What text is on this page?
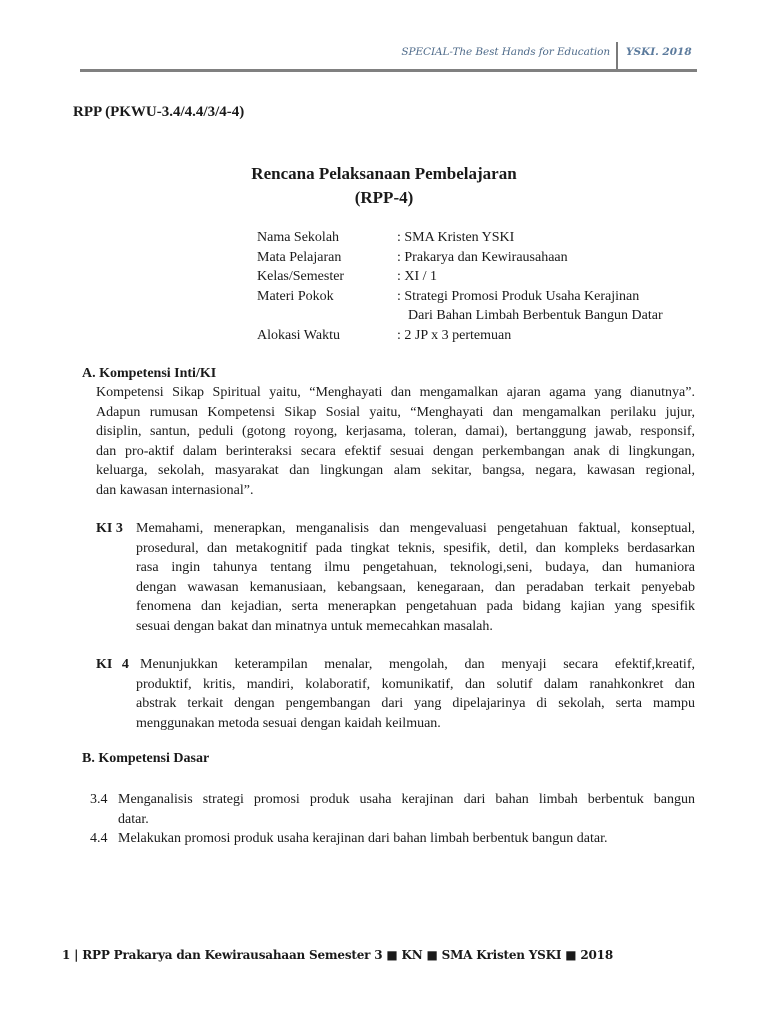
SPECIAL-The Best Hands for Education YSKI. 2018
RPP (PKWU-3.4/4.4/3/4-4)
Rencana Pelaksanaan Pembelajaran
(RPP-4)
Nama Sekolah	: SMA Kristen YSKI
Mata Pelajaran	: Prakarya dan Kewirausahaan
Kelas/Semester	: XI / 1
Materi Pokok	: Strategi Promosi Produk Usaha Kerajinan
Dari Bahan Limbah Berbentuk Bangun Datar
Alokasi Waktu	: 2 JP x 3 pertemuan
A. Kompetensi Inti/KI
Kompetensi Sikap Spiritual yaitu, “Menghayati dan mengamalkan ajaran agama yang dianutnya”.
Adapun rumusan Kompetensi Sikap Sosial yaitu, “Menghayati dan mengamalkan perilaku jujur,
disiplin, santun, peduli (gotong royong, kerjasama, toleran, damai), bertanggung jawab, responsif,
dan pro-aktif dalam berinteraksi secara efektif sesuai dengan perkembangan anak di lingkungan,
keluarga, sekolah, masyarakat dan lingkungan alam sekitar, bangsa, negara, kawasan regional,
dan kawasan internasional”.
KI 3 Memahami, menerapkan, menganalisis dan mengevaluasi pengetahuan faktual, konseptual,
prosedural, dan metakognitif pada tingkat teknis, spesifik, detil, dan kompleks berdasarkan
rasa ingin tahunya tentang ilmu pengetahuan, teknologi,seni, budaya, dan humaniora
dengan wawasan kemanusiaan, kebangsaan, kenegaraan, dan peradaban terkait penyebab
fenomena dan kejadian, serta menerapkan pengetahuan pada bidang kajian yang spesifik
sesuai dengan bakat dan minatnya untuk memecahkan masalah.
KI 4 Menunjukkan keterampilan menalar, mengolah, dan menyaji secara efektif,kreatif,
produktif, kritis, mandiri, kolaboratif, komunikatif, dan solutif dalam ranahkonkret dan
abstrak terkait dengan pengembangan dari yang dipelajarinya di sekolah, serta mampu
menggunakan metoda sesuai dengan kaidah keilmuan.
B. Kompetensi Dasar
3.4 Menganalisis strategi promosi produk usaha kerajinan dari bahan limbah berbentuk bangun
datar.
4.4 Melakukan promosi produk usaha kerajinan dari bahan limbah berbentuk bangun datar.
1 | RPP Prakarya dan Kewirausahaan Semester 3 ■ KN ■ SMA Kristen YSKI ■ 2018
